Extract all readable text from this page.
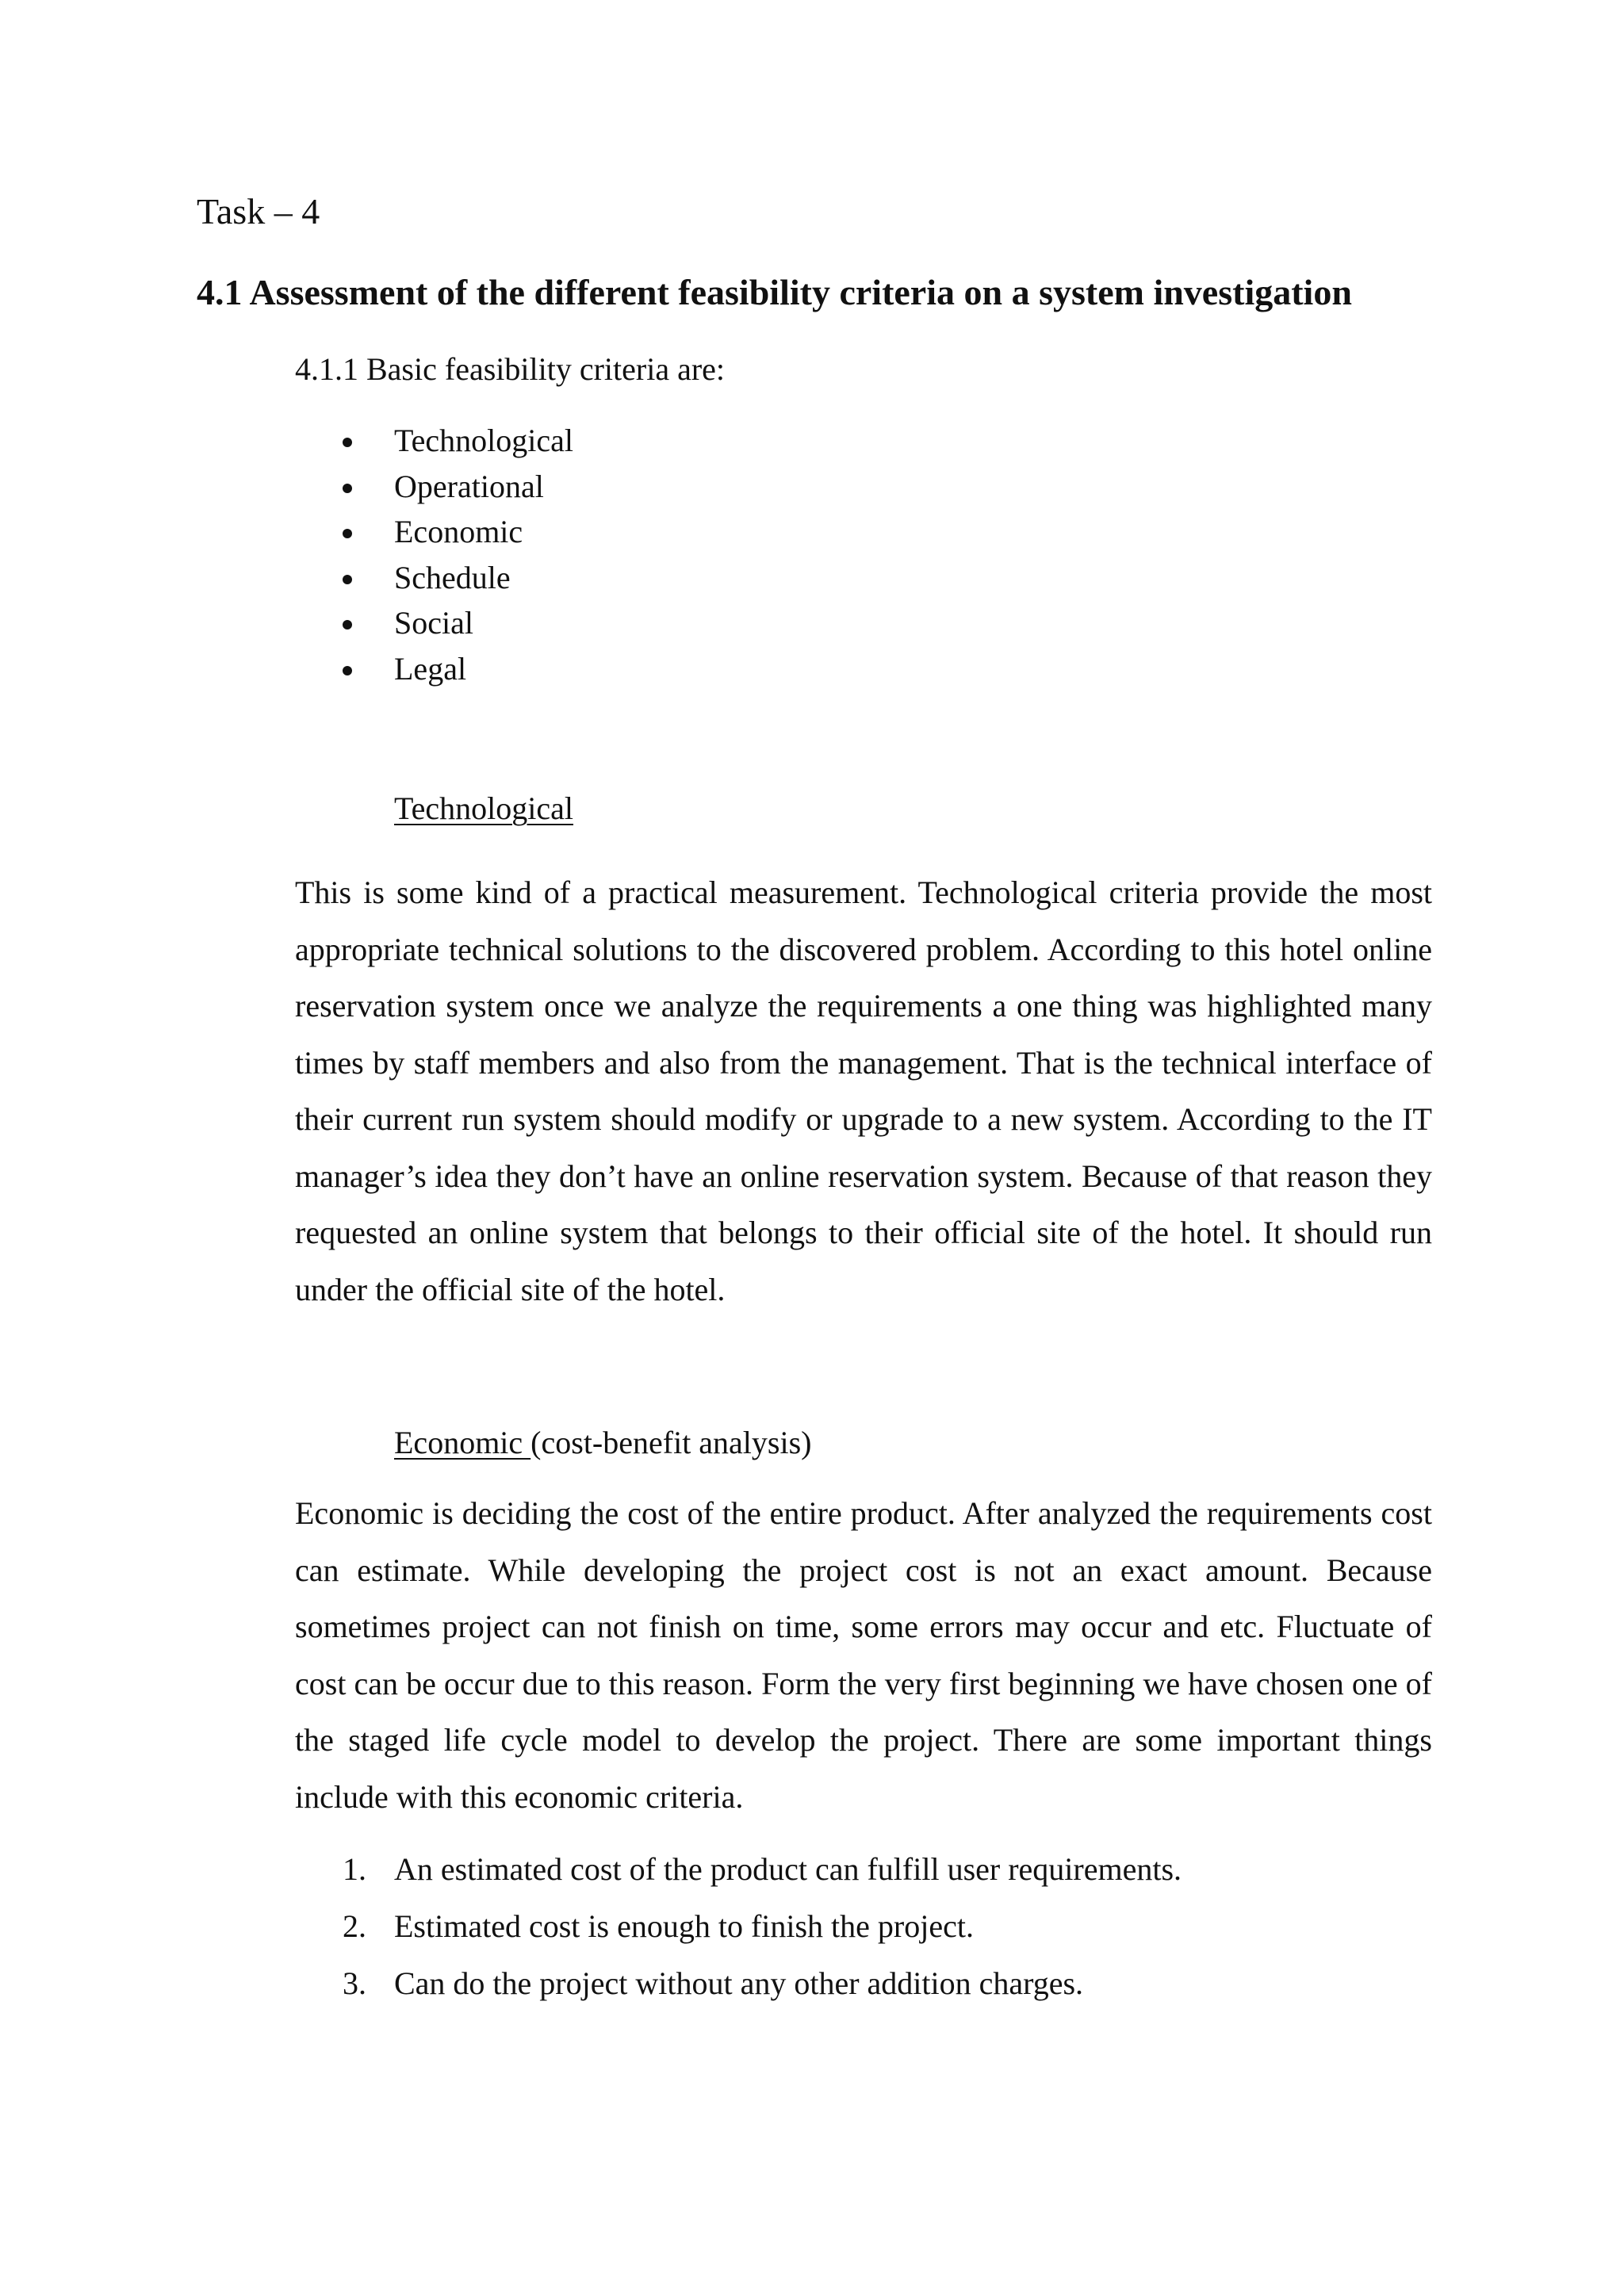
Task – 4
4.1 Assessment of the different feasibility criteria on a system investigation
4.1.1 Basic feasibility criteria are:
Technological
Operational
Economic
Schedule
Social
Legal
Technological

This is some kind of a practical measurement. Technological criteria provide the most appropriate technical solutions to the discovered problem. According to this hotel online reservation system once we analyze the requirements a one thing was highlighted many times by staff members and also from the management. That is the technical interface of their current run system should modify or upgrade to a new system. According to the IT manager’s idea they don’t have an online reservation system. Because of that reason they requested an online system that belongs to their official site of the hotel. It should run under the official site of the hotel.

Economic (cost-benefit analysis)

Economic is deciding the cost of the entire product. After analyzed the requirements cost can estimate. While developing the project cost is not an exact amount. Because sometimes project can not finish on time, some errors may occur and etc. Fluctuate of cost can be occur due to this reason. Form the very first beginning we have chosen one of the staged life cycle model to develop the project. There are some important things include with this economic criteria.

1. An estimated cost of the product can fulfill user requirements.
2. Estimated cost is enough to finish the project.
3. Can do the project without any other addition charges.
